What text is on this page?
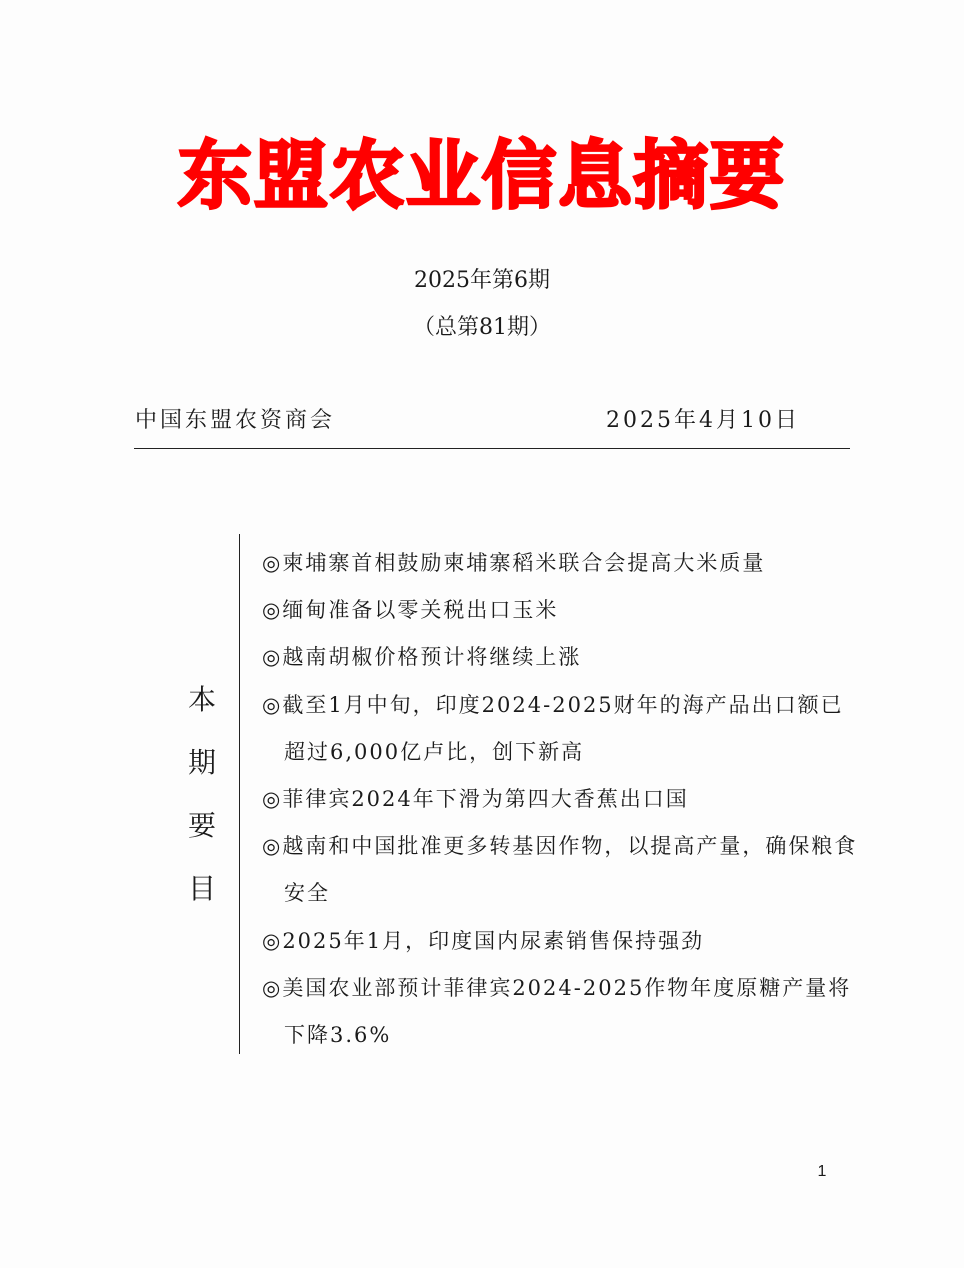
东盟农业信息摘要
2025年第6期
（总第81期）
中国东盟农资商会	2025年4月10日
本
期
要
目
◎柬埔寨首相鼓励柬埔寨稻米联合会提高大米质量
◎缅甸准备以零关税出口玉米
◎越南胡椒价格预计将继续上涨
◎截至1月中旬，印度2024-2025财年的海产品出口额已超过6,000亿卢比，创下新高
◎菲律宾2024年下滑为第四大香蕉出口国
◎越南和中国批准更多转基因作物，以提高产量，确保粮食安全
◎2025年1月，印度国内尿素销售保持强劲
◎美国农业部预计菲律宾2024-2025作物年度原糖产量将下降3.6%
1
